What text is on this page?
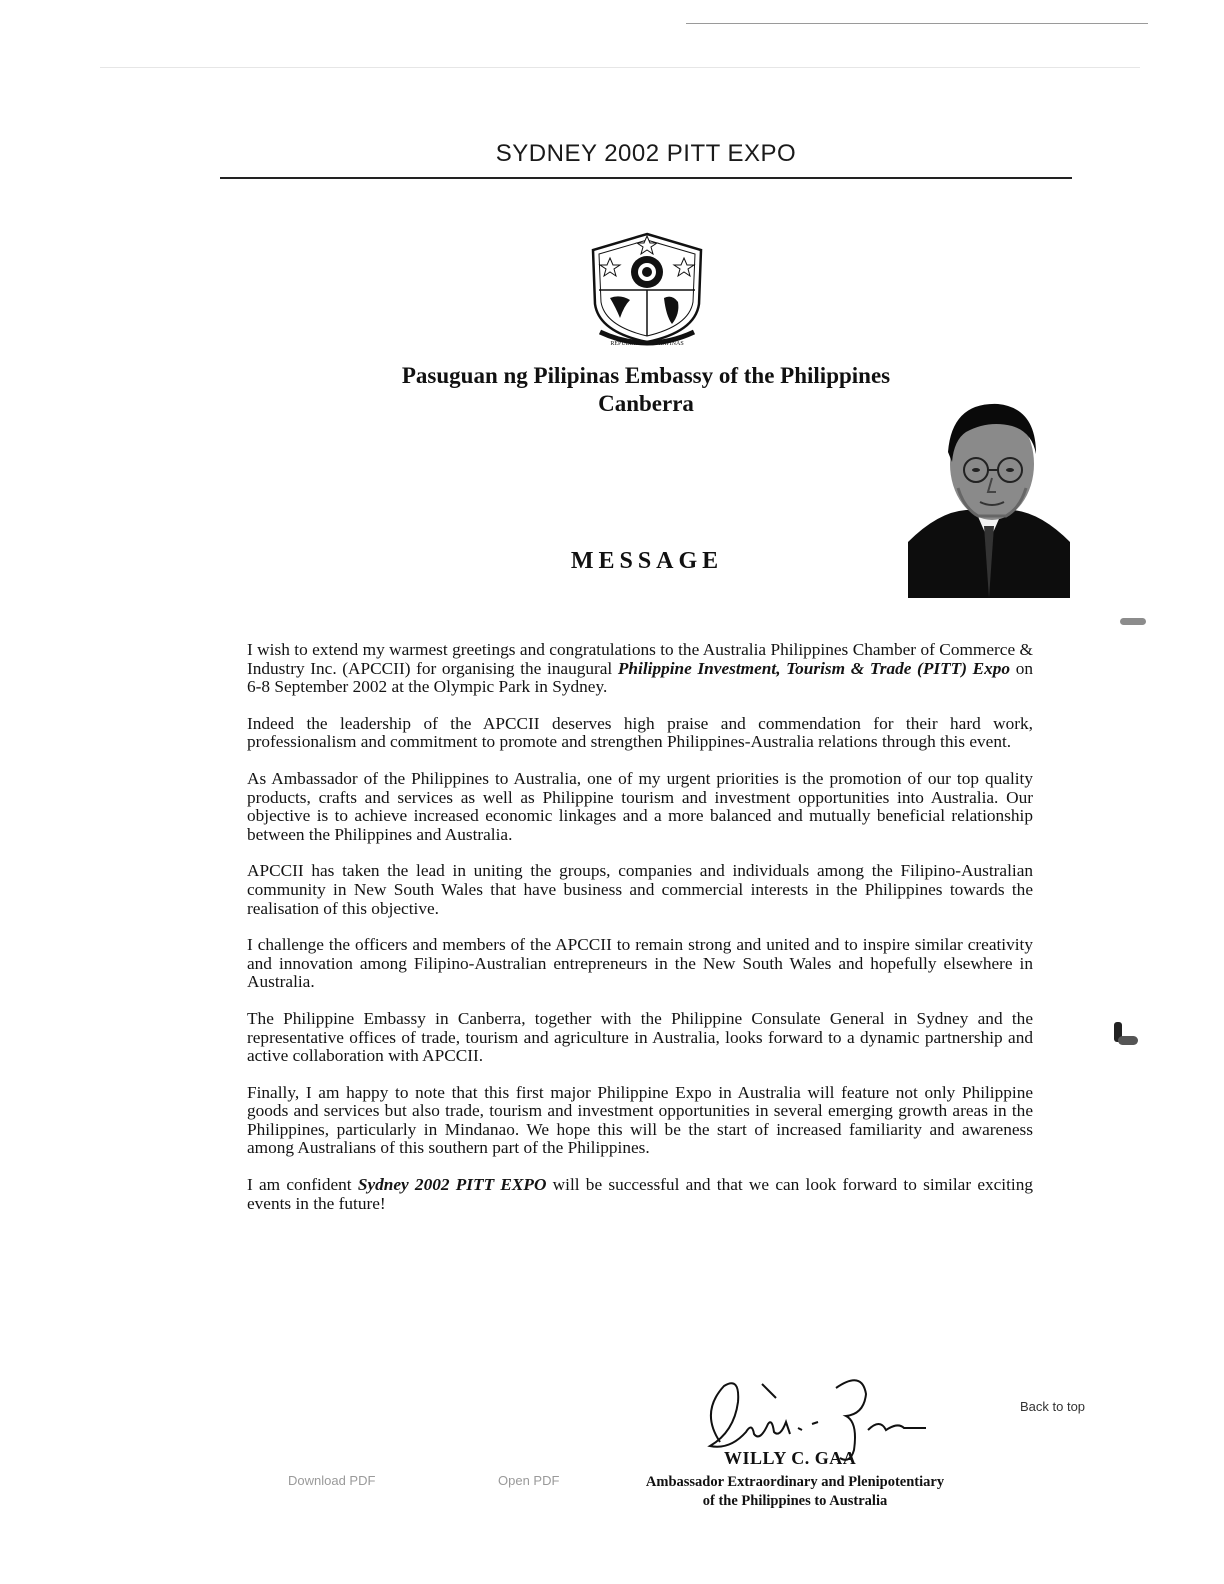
SYDNEY 2002 PITT EXPO
REPUBLIKA NG PILIPINAS
Pasuguan ng Pilipinas Embassy of the Philippines
Canberra
MESSAGE

I wish to extend my warmest greetings and congratulations to the Australia Philippines Chamber of Commerce & Industry Inc. (APCCII) for organising the inaugural Philippine Investment, Tourism & Trade (PITT) Expo on 6-8 September 2002 at the Olympic Park in Sydney.

Indeed the leadership of the APCCII deserves high praise and commendation for their hard work, professionalism and commitment to promote and strengthen Philippines-Australia relations through this event.

As Ambassador of the Philippines to Australia, one of my urgent priorities is the promotion of our top quality products, crafts and services as well as Philippine tourism and investment opportunities into Australia. Our objective is to achieve increased economic linkages and a more balanced and mutually beneficial relationship between the Philippines and Australia.

APCCII has taken the lead in uniting the groups, companies and individuals among the Filipino-Australian community in New South Wales that have business and commercial interests in the Philippines towards the realisation of this objective.

I challenge the officers and members of the APCCII to remain strong and united and to inspire similar creativity and innovation among Filipino-Australian entrepreneurs in the New South Wales and hopefully elsewhere in Australia.

The Philippine Embassy in Canberra, together with the Philippine Consulate General in Sydney and the representative offices of trade, tourism and agriculture in Australia, looks forward to a dynamic partnership and active collaboration with APCCII.

Finally, I am happy to note that this first major Philippine Expo in Australia will feature not only Philippine goods and services but also trade, tourism and investment opportunities in several emerging growth areas in the Philippines, particularly in Mindanao. We hope this will be the start of increased familiarity and awareness among Australians of this southern part of the Philippines.

I am confident Sydney 2002 PITT EXPO will be successful and that we can look forward to similar exciting events in the future!

WILLY C. GAA
Ambassador Extraordinary and Plenipotentiary
of the Philippines to Australia
Back to top
Download PDF	Open PDF
